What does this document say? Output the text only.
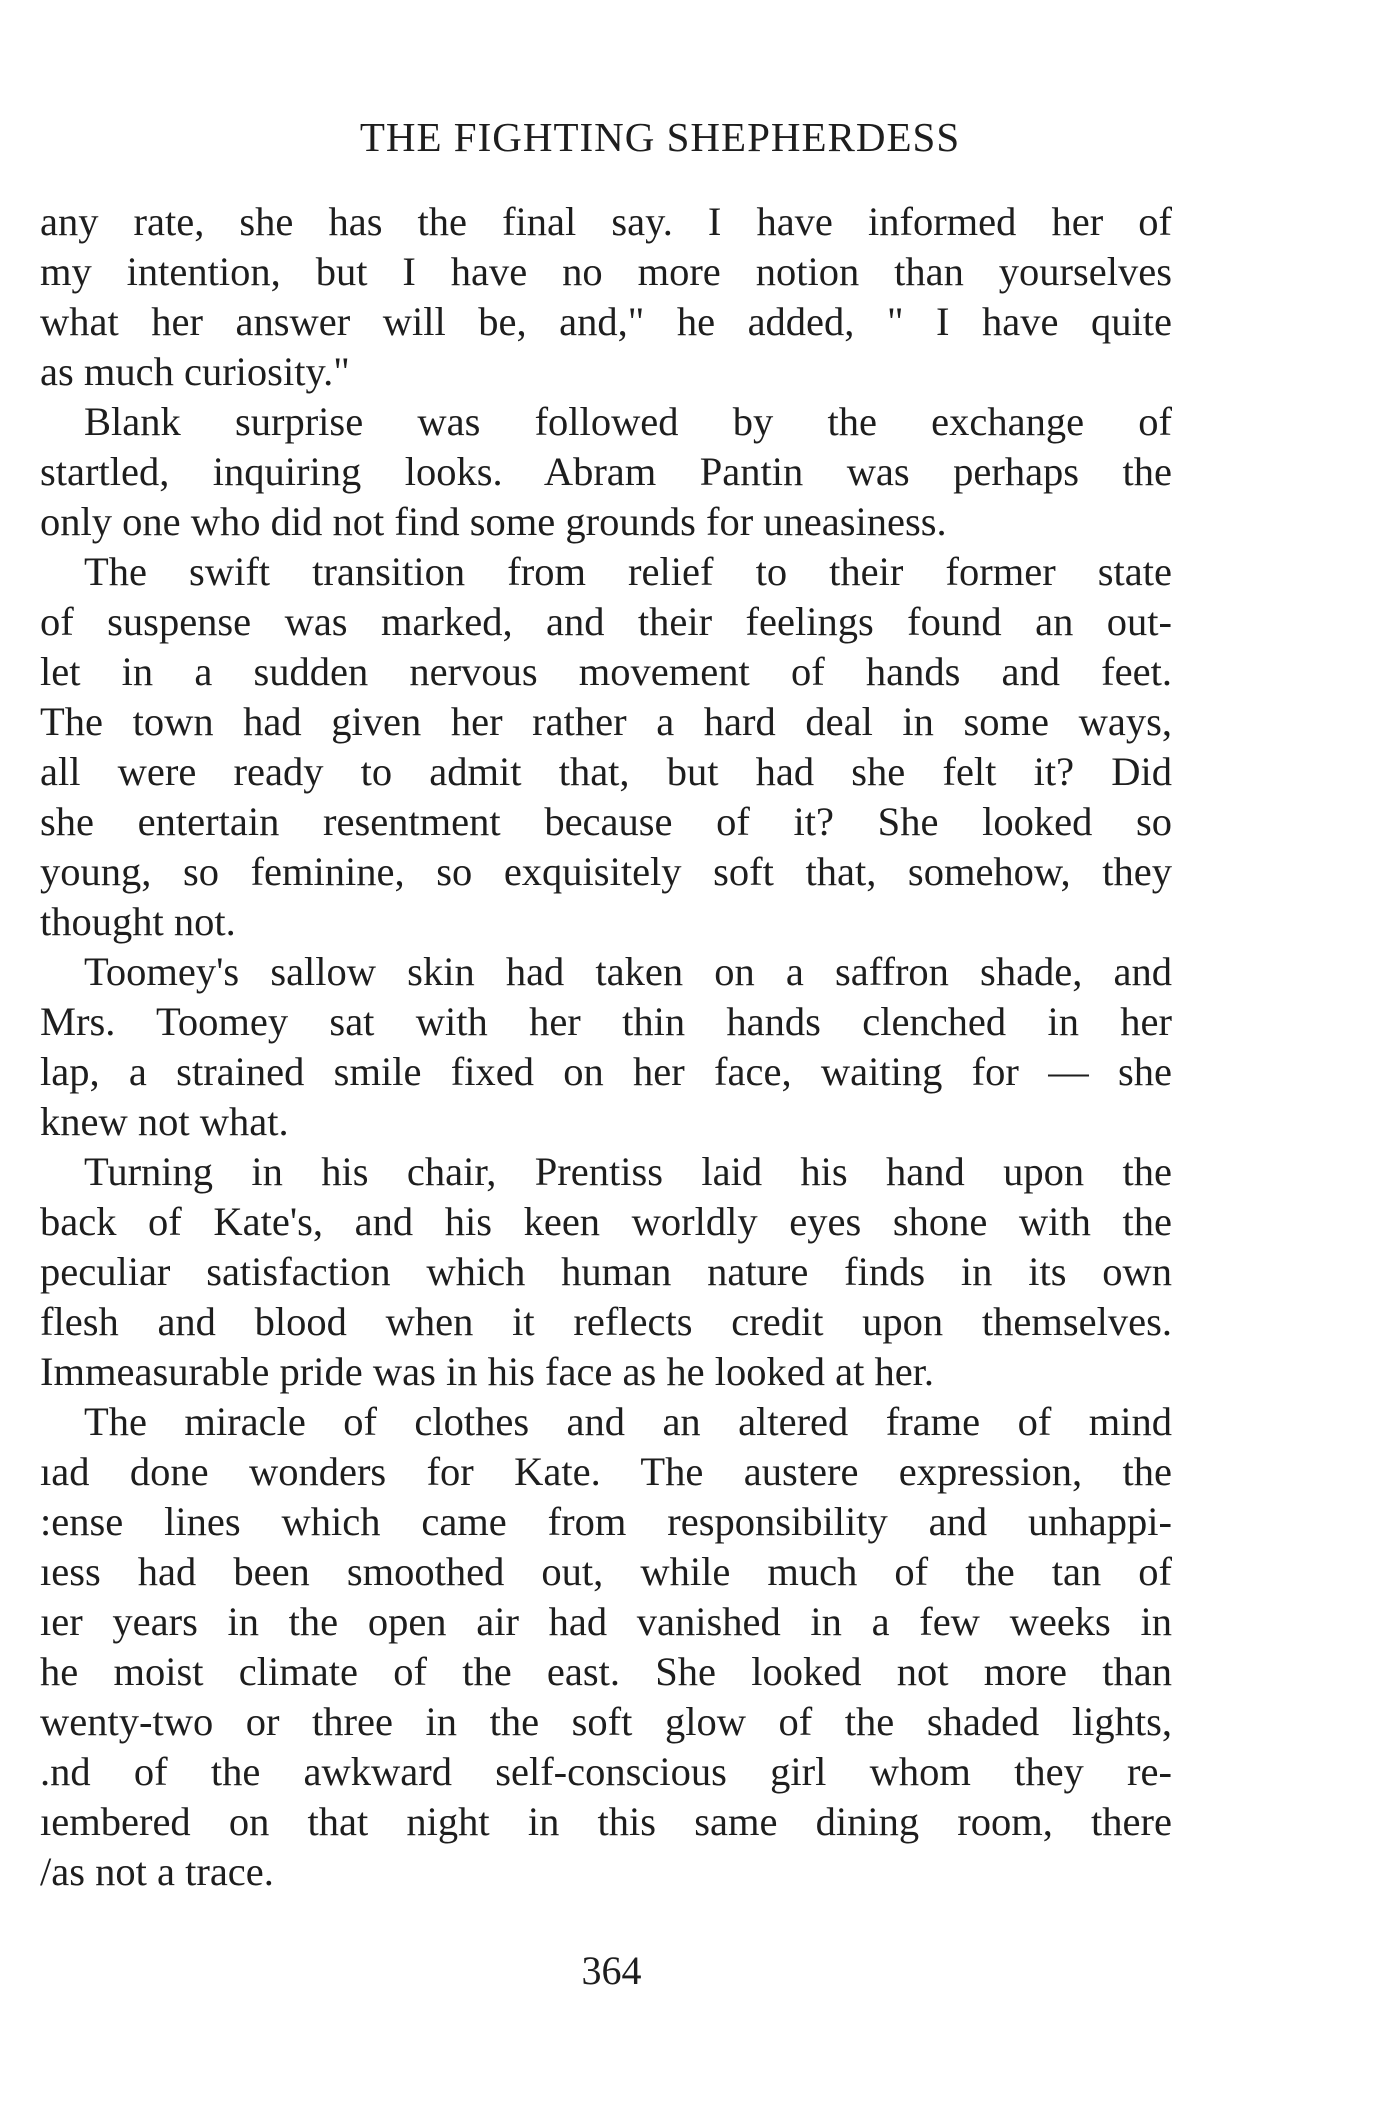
THE FIGHTING SHEPHERDESS
any rate, she has the final say. I have informed her of
my intention, but I have no more notion than yourselves
what her answer will be, and," he added, " I have quite
as much curiosity."
Blank surprise was followed by the exchange of
startled, inquiring looks. Abram Pantin was perhaps the
only one who did not find some grounds for uneasiness.
The swift transition from relief to their former state
of suspense was marked, and their feelings found an out-
let in a sudden nervous movement of hands and feet.
The town had given her rather a hard deal in some ways,
all were ready to admit that, but had she felt it? Did
she entertain resentment because of it? She looked so
young, so feminine, so exquisitely soft that, somehow, they
thought not.
Toomey's sallow skin had taken on a saffron shade, and
Mrs. Toomey sat with her thin hands clenched in her
lap, a strained smile fixed on her face, waiting for — she
knew not what.
Turning in his chair, Prentiss laid his hand upon the
back of Kate's, and his keen worldly eyes shone with the
peculiar satisfaction which human nature finds in its own
flesh and blood when it reflects credit upon themselves.
Immeasurable pride was in his face as he looked at her.
The miracle of clothes and an altered frame of mind
ıad done wonders for Kate. The austere expression, the
:ense lines which came from responsibility and unhappi-
ıess had been smoothed out, while much of the tan of
ıer years in the open air had vanished in a few weeks in
he moist climate of the east. She looked not more than
wenty-two or three in the soft glow of the shaded lights,
.nd of the awkward self-conscious girl whom they re-
ıembered on that night in this same dining room, there
/as not a trace.
364
